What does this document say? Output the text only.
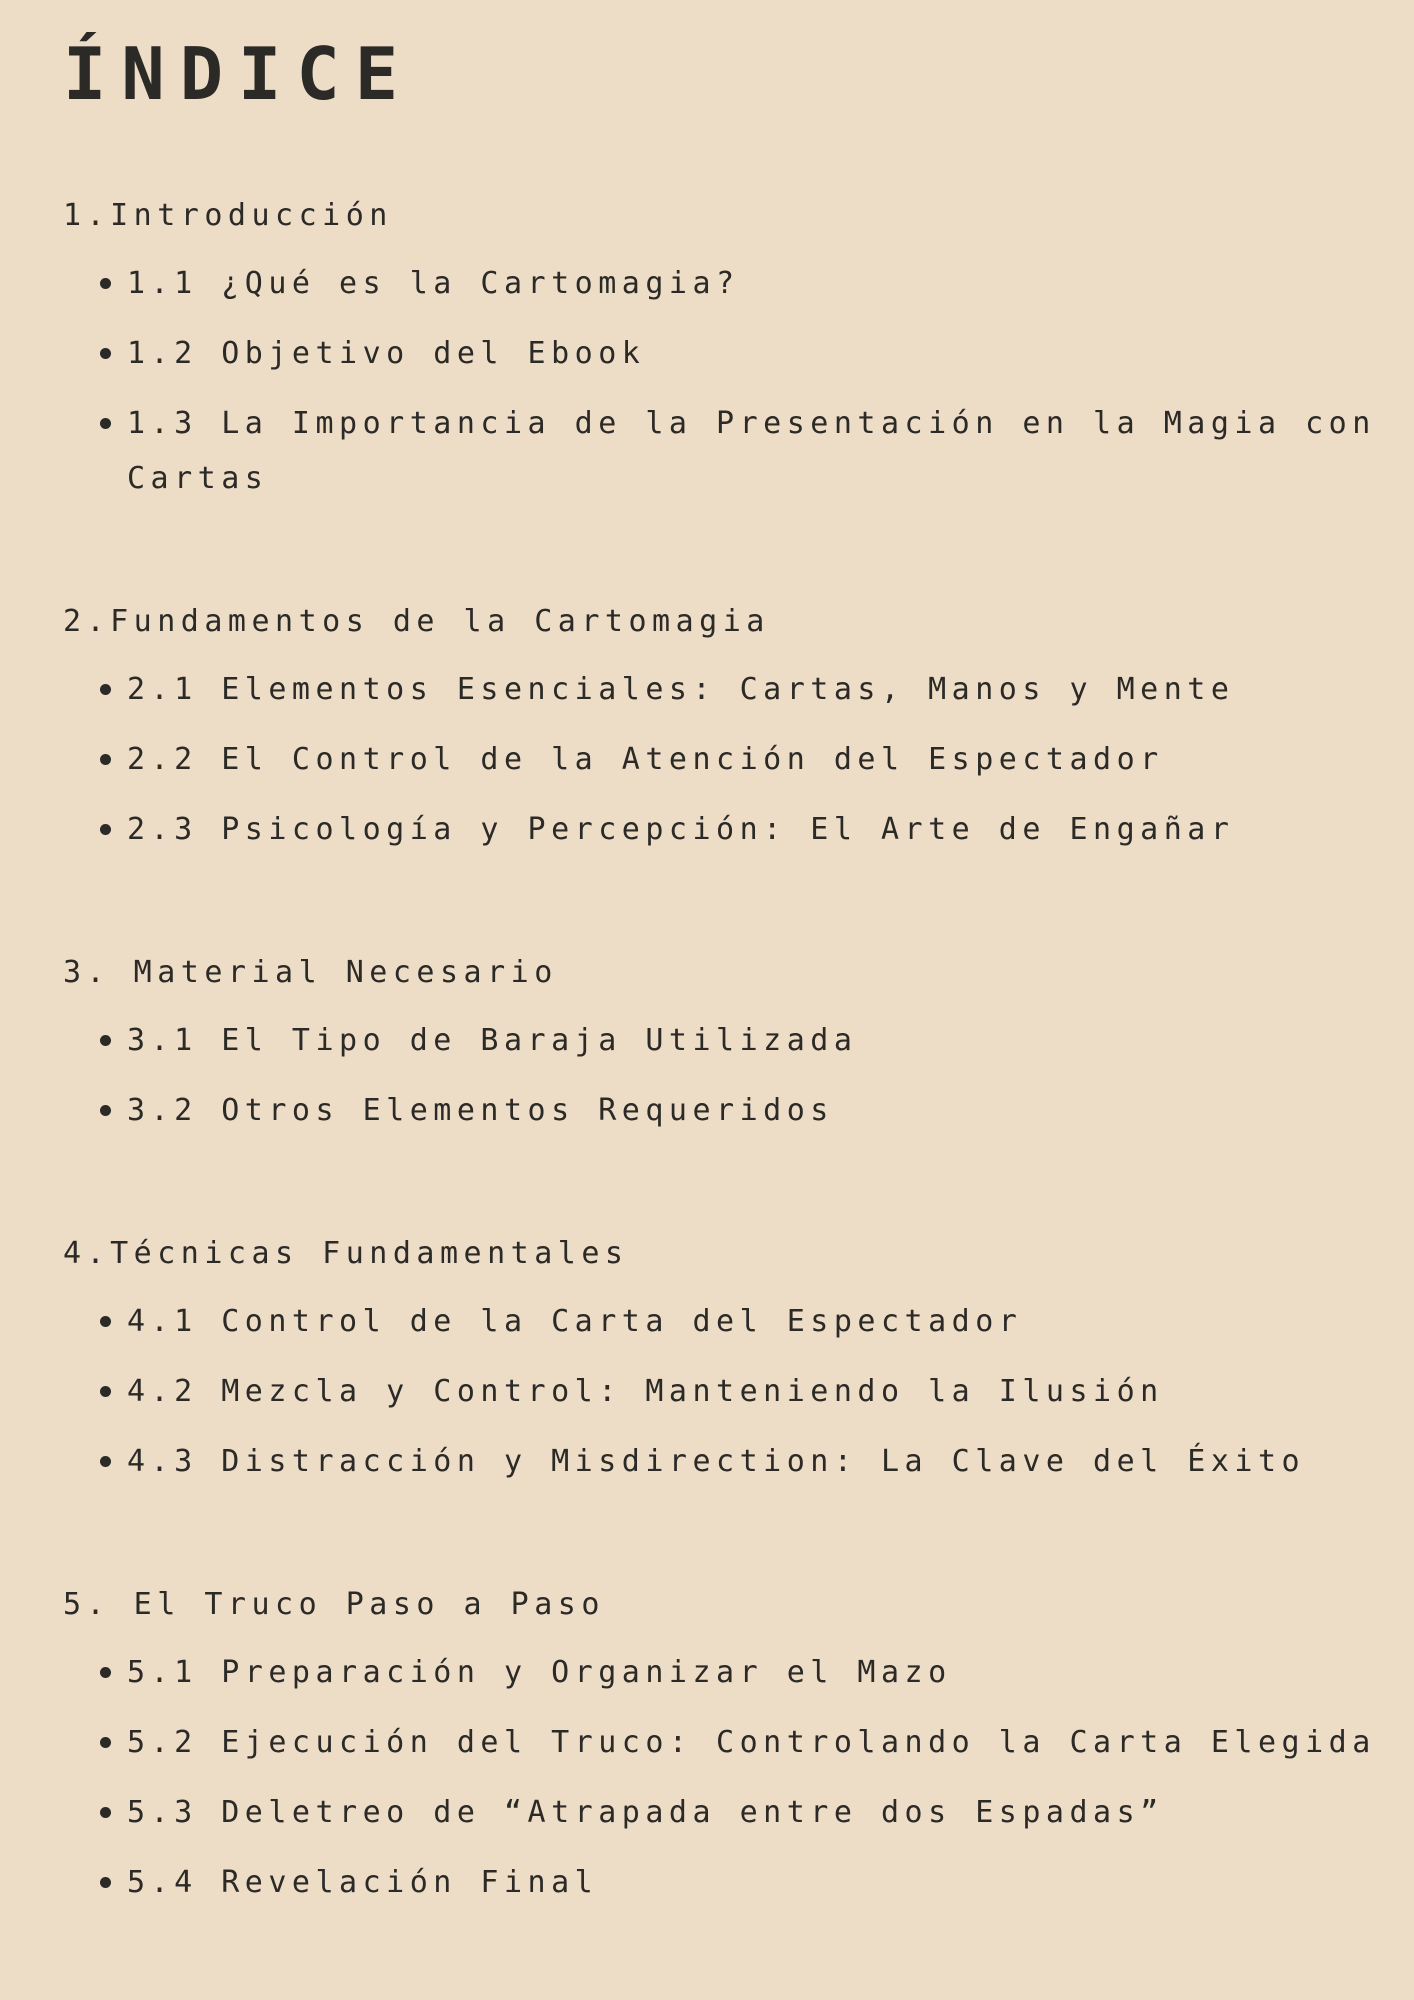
ÍNDICE
1.Introducción
1.1 ¿Qué es la Cartomagia?
1.2 Objetivo del Ebook
1.3 La Importancia de la Presentación en la Magia con Cartas
2.Fundamentos de la Cartomagia
2.1 Elementos Esenciales: Cartas, Manos y Mente
2.2 El Control de la Atención del Espectador
2.3 Psicología y Percepción: El Arte de Engañar
3. Material Necesario
3.1 El Tipo de Baraja Utilizada
3.2 Otros Elementos Requeridos
4.Técnicas Fundamentales
4.1 Control de la Carta del Espectador
4.2 Mezcla y Control: Manteniendo la Ilusión
4.3 Distracción y Misdirection: La Clave del Éxito
5. El Truco Paso a Paso
5.1 Preparación y Organizar el Mazo
5.2 Ejecución del Truco: Controlando la Carta Elegida
5.3 Deletreo de “Atrapada entre dos Espadas”
5.4 Revelación Final
